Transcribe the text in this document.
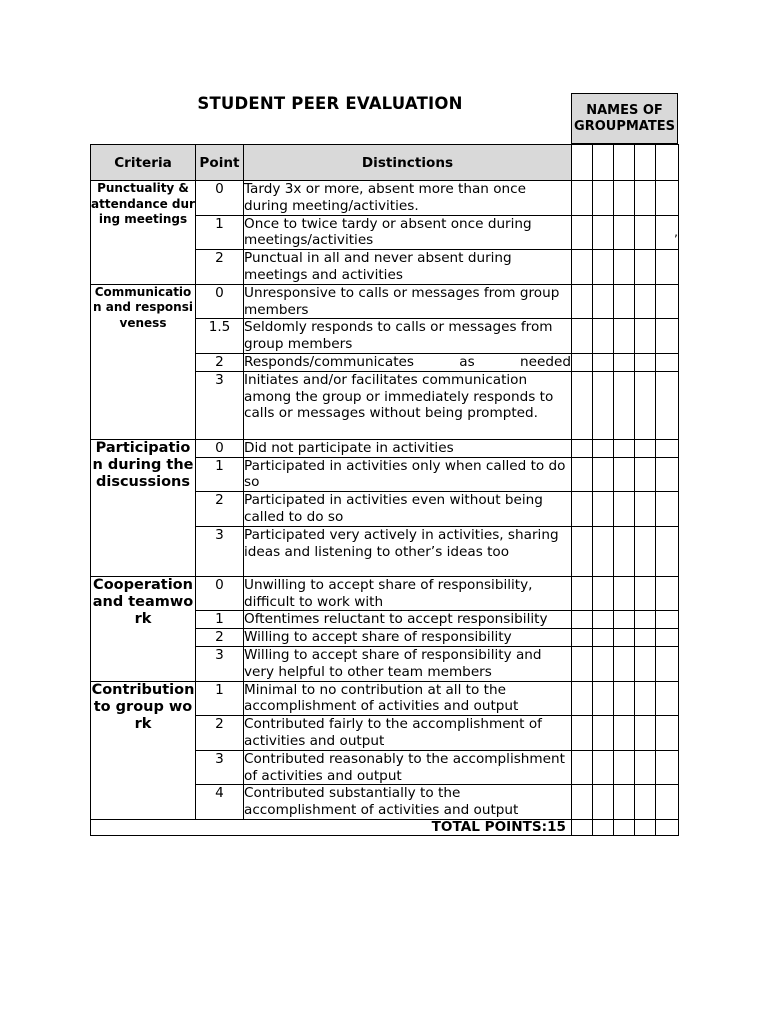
STUDENT PEER EVALUATION	NAMES OF GROUPMATES
Criteria	Point	Distinctions					
Punctuality & attendance during meetings	0	Tardy 3x or more, absent more than once during meeting/activities.					
	1	Once to twice tardy or absent once during meetings/activities					,
	2	Punctual in all and never absent during meetings and activities					
Communication and responsiveness	0	Unresponsive to calls or messages from group members					
	1.5	Seldomly responds to calls or messages from group members					
	2	Responds/communicates as needed					
	3	Initiates and/or facilitates communication among the group or immediately responds to calls or messages without being prompted.					
Participation during the discussions	0	Did not participate in activities					
	1	Participated in activities only when called to do so					
	2	Participated in activities even without being called to do so					
	3	Participated very actively in activities, sharing ideas and listening to other’s ideas too					
Cooperation and teamwork	0	Unwilling to accept share of responsibility, difficult to work with					
	1	Oftentimes reluctant to accept responsibility					
	2	Willing to accept share of responsibility					
	3	Willing to accept share of responsibility and very helpful to other team members					
Contribution to group work	1	Minimal to no contribution at all to the accomplishment of activities and output					
	2	Contributed fairly to the accomplishment of activities and output					
	3	Contributed reasonably to the accomplishment of activities and output					
	4	Contributed substantially to the accomplishment of activities and output					
TOTAL POINTS:15							
